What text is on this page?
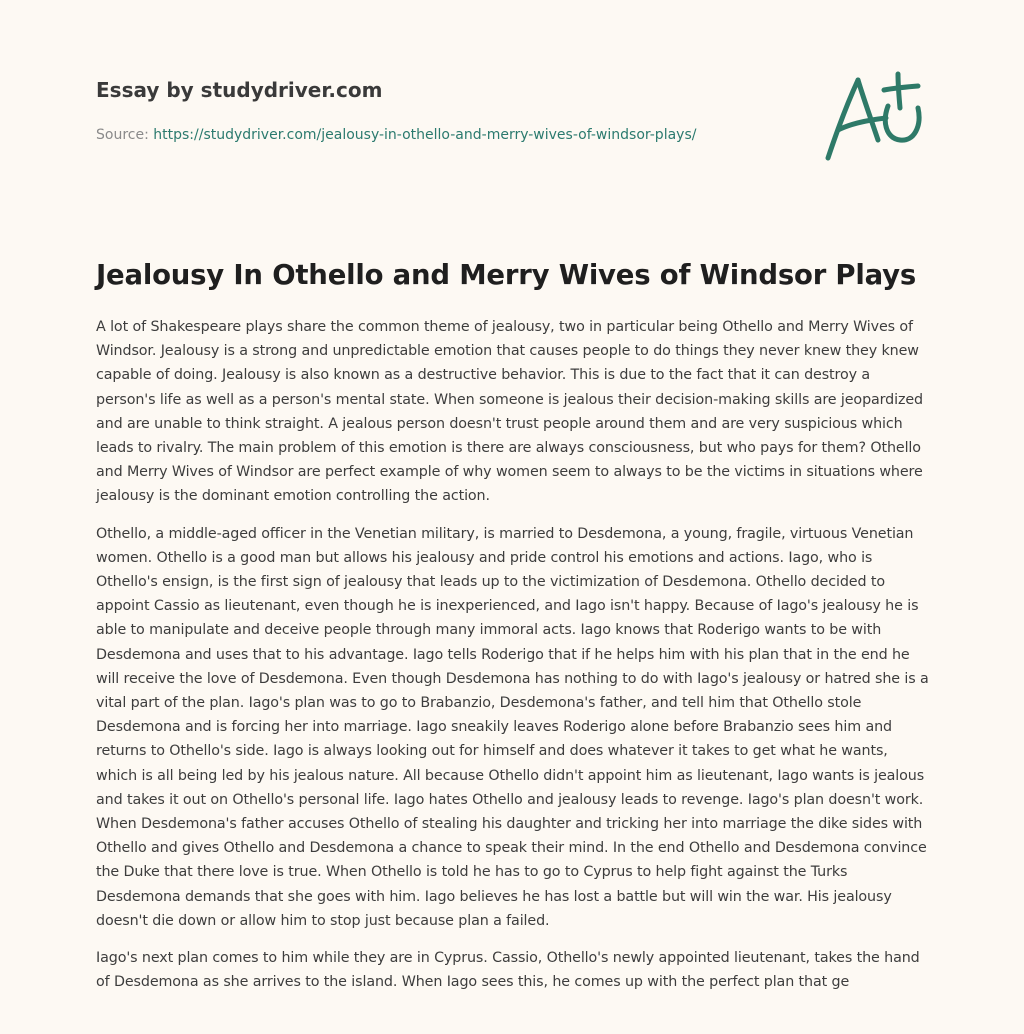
Essay by studydriver.com
Source: https://studydriver.com/jealousy-in-othello-and-merry-wives-of-windsor-plays/
Jealousy In Othello and Merry Wives of Windsor Plays

A lot of Shakespeare plays share the common theme of jealousy, two in particular being Othello and Merry Wives of Windsor. Jealousy is a strong and unpredictable emotion that causes people to do things they never knew they knew capable of doing. Jealousy is also known as a destructive behavior. This is due to the fact that it can destroy a person's life as well as a person's mental state. When someone is jealous their decision-making skills are jeopardized and are unable to think straight. A jealous person doesn't trust people around them and are very suspicious which leads to rivalry. The main problem of this emotion is there are always consciousness, but who pays for them? Othello and Merry Wives of Windsor are perfect example of why women seem to always to be the victims in situations where jealousy is the dominant emotion controlling the action.

Othello, a middle-aged officer in the Venetian military, is married to Desdemona, a young, fragile, virtuous Venetian women. Othello is a good man but allows his jealousy and pride control his emotions and actions. Iago, who is Othello's ensign, is the first sign of jealousy that leads up to the victimization of Desdemona. Othello decided to appoint Cassio as lieutenant, even though he is inexperienced, and Iago isn't happy. Because of Iago's jealousy he is able to manipulate and deceive people through many immoral acts. Iago knows that Roderigo wants to be with Desdemona and uses that to his advantage. Iago tells Roderigo that if he helps him with his plan that in the end he will receive the love of Desdemona. Even though Desdemona has nothing to do with Iago's jealousy or hatred she is a vital part of the plan. Iago's plan was to go to Brabanzio, Desdemona's father, and tell him that Othello stole Desdemona and is forcing her into marriage. Iago sneakily leaves Roderigo alone before Brabanzio sees him and returns to Othello's side. Iago is always looking out for himself and does whatever it takes to get what he wants, which is all being led by his jealous nature. All because Othello didn't appoint him as lieutenant, Iago wants is jealous and takes it out on Othello's personal life. Iago hates Othello and jealousy leads to revenge. Iago's plan doesn't work. When Desdemona's father accuses Othello of stealing his daughter and tricking her into marriage the dike sides with Othello and gives Othello and Desdemona a chance to speak their mind. In the end Othello and Desdemona convince the Duke that there love is true. When Othello is told he has to go to Cyprus to help fight against the Turks Desdemona demands that she goes with him. Iago believes he has lost a battle but will win the war. His jealousy doesn't die down or allow him to stop just because plan a failed.

Iago's next plan comes to him while they are in Cyprus. Cassio, Othello's newly appointed lieutenant, takes the hand of Desdemona as she arrives to the island. When Iago sees this, he comes up with the perfect plan that ge
